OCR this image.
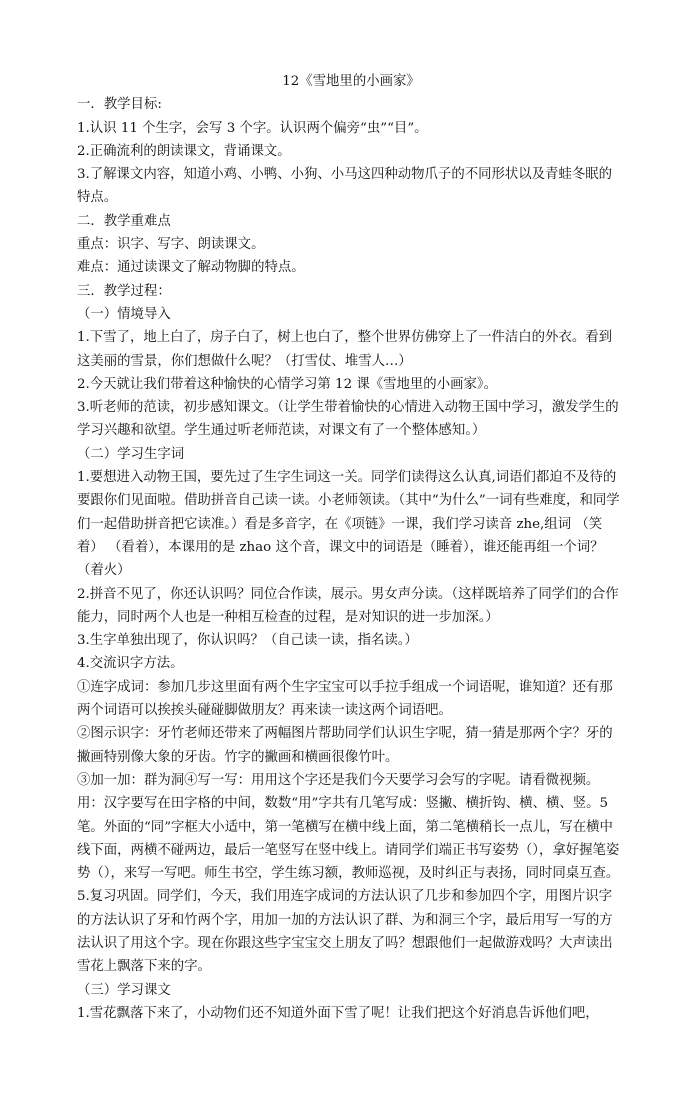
12《雪地里的小画家》

一．教学目标:

1.认识 11 个生字，会写 3 个字。认识两个偏旁“虫”“目”。

2.正确流利的朗读课文，背诵课文。

3.了解课文内容，知道小鸡、小鸭、小狗、小马这四种动物爪子的不同形状以及青蛙冬眠的特点。

二．教学重难点

重点：识字、写字、朗读课文。

难点：通过读课文了解动物脚的特点。

三．教学过程：

（一）情境导入

1.下雪了，地上白了，房子白了，树上也白了，整个世界仿佛穿上了一件洁白的外衣。看到这美丽的雪景，你们想做什么呢？（打雪仗、堆雪人…）

2.今天就让我们带着这种愉快的心情学习第 12 课《雪地里的小画家》。

3.听老师的范读，初步感知课文。（让学生带着愉快的心情进入动物王国中学习，激发学生的学习兴趣和欲望。学生通过听老师范读，对课文有了一个整体感知。）

（二）学习生字词

1.要想进入动物王国，要先过了生字生词这一关。同学们读得这么认真,词语们都迫不及待的要跟你们见面啦。借助拼音自己读一读。小老师领读。（其中“为什么”一词有些难度，和同学们一起借助拼音把它读准。）看是多音字，在《项链》一课，我们学习读音 zhe,组词 （笑着） （看着），本课用的是 zhao 这个音，课文中的词语是（睡着），谁还能再组一个词？（着火）

2.拼音不见了，你还认识吗？同位合作读，展示。男女声分读。（这样既培养了同学们的合作能力，同时两个人也是一种相互检查的过程，是对知识的进一步加深。）

3.生字单独出现了，你认识吗？（自己读一读，指名读。）

4.交流识字方法。

①连字成词：参加几步这里面有两个生字宝宝可以手拉手组成一个词语呢，谁知道？还有那两个词语可以挨挨头碰碰脚做朋友？再来读一读这两个词语吧。

②图示识字：牙竹老师还带来了两幅图片帮助同学们认识生字呢，猜一猜是那两个字？牙的撇画特别像大象的牙齿。竹字的撇画和横画很像竹叶。

③加一加：群为洞④写一写：用用这个字还是我们今天要学习会写的字呢。请看微视频。用：汉字要写在田字格的中间，数数“用”字共有几笔写成：竖撇、横折钩、横、横、竖。5笔。外面的“同”字框大小适中，第一笔横写在横中线上面，第二笔横稍长一点儿，写在横中线下面，两横不碰两边，最后一笔竖写在竖中线上。请同学们端正书写姿势（），拿好握笔姿势（），来写一写吧。师生书空，学生练习额，教师巡视，及时纠正与表扬，同时同桌互查。

5.复习巩固。同学们，今天，我们用连字成词的方法认识了几步和参加四个字，用图片识字的方法认识了牙和竹两个字，用加一加的方法认识了群、为和洞三个字，最后用写一写的方法认识了用这个字。现在你跟这些字宝宝交上朋友了吗？想跟他们一起做游戏吗？大声读出雪花上飘落下来的字。

（三）学习课文

1.雪花飘落下来了，小动物们还不知道外面下雪了呢！让我们把这个好消息告诉他们吧，
